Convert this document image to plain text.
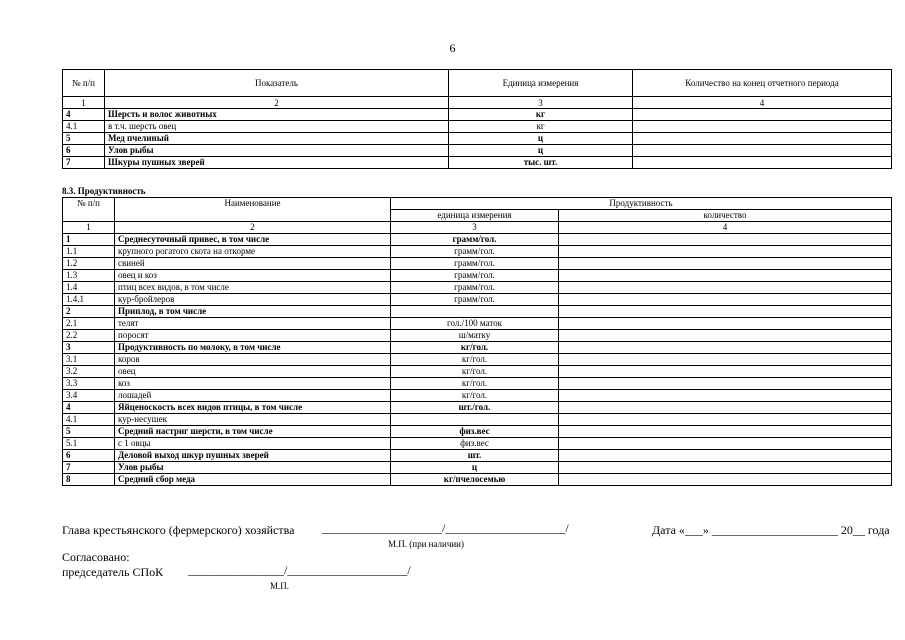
6
№ п/п	Показатель	Единица измерения	Количество на конец отчетного периода
1	2	3	4
4	Шерсть и волос животных	кг	
4.1	в т.ч. шерсть овец	кг	
5	Мед пчелиный	ц	
6	Улов рыбы	ц	
7	Шкуры пушных зверей	тыс. шт.	
8.3. Продуктивность
№ п/п	Наименование	Продуктивность	
		единица измерения	количество
1	2	3	4
1	Среднесуточный привес, в том числе	грамм/гол.	
1.1	крупного рогатого скота на откорме	грамм/гол.	
1.2	свиней	грамм/гол.	
1.3	овец и коз	грамм/гол.	
1.4	птиц всех видов, в том числе	грамм/гол.	
1.4.1	кур-бройлеров	грамм/гол.	
2	Приплод, в том числе		
2.1	телят	гол./100 маток	
2.2	поросят	ш/матку	
3	Продуктивность по молоку, в том числе	кг/гол.	
3.1	коров	кг/гол.	
3.2	овец	кг/гол.	
3.3	коз	кг/гол.	
3.4	лошадей	кг/гол.	
4	Яйценоскость всех видов птицы, в том числе	шт./гол.	
4.1	кур-несушек		
5	Средний настриг шерсти, в том числе	физ.вес	
5.1	с 1 овцы	физ.вес	
6	Деловой выход шкур пушных зверей	шт.	
7	Улов рыбы	ц	
8	Средний сбор меда	кг/пчелосемью	
Глава крестьянского (фермерского) хозяйства ____________________/____________________/
М.П. (при наличии)
Дата «___» _____________________ 20__ года
Согласовано:
председатель СПоК ________________/____________________/
М.П.
